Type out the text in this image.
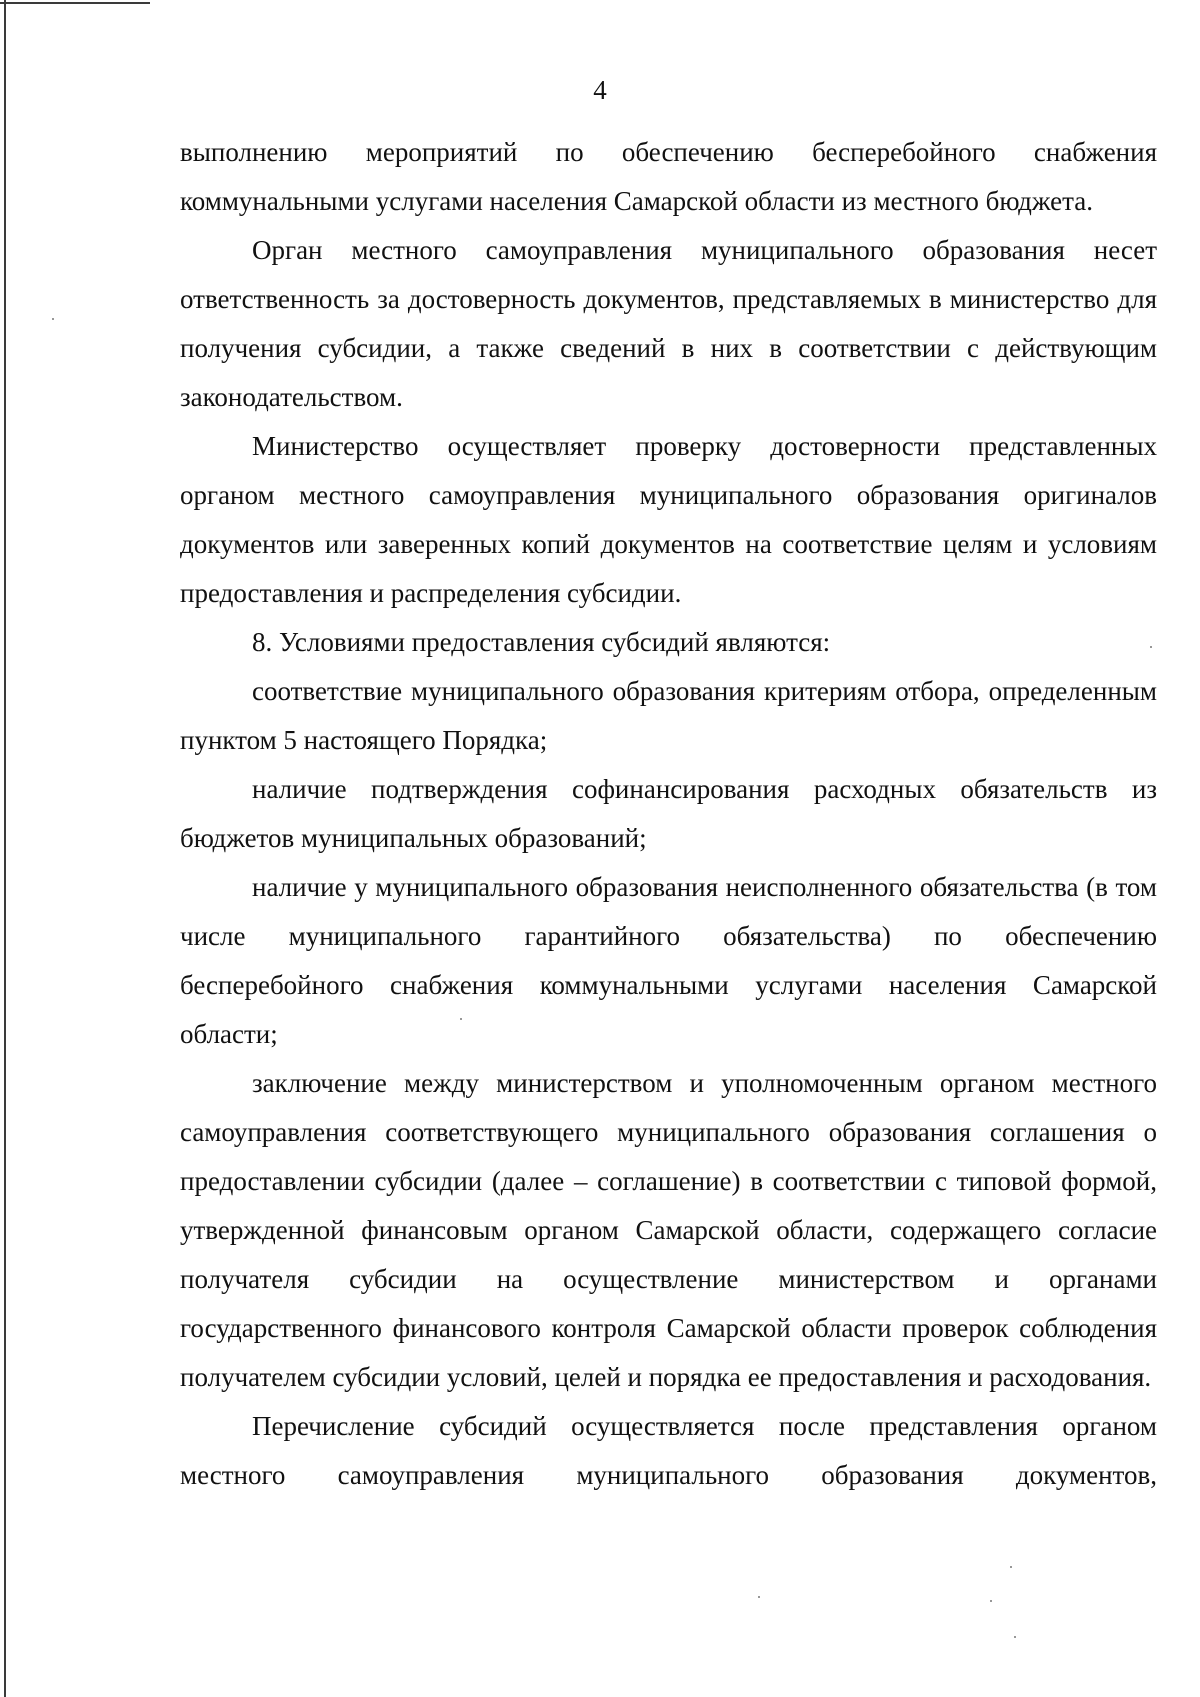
4

выполнению мероприятий по обеспечению бесперебойного снабжения коммунальными услугами населения Самарской области из местного бюджета.

Орган местного самоуправления муниципального образования несет ответственность за достоверность документов, представляемых в министерство для получения субсидии, а также сведений в них в соответствии с действующим законодательством.

Министерство осуществляет проверку достоверности представленных органом местного самоуправления муниципального образования оригиналов документов или заверенных копий документов на соответствие целям и условиям предоставления и распределения субсидии.

8. Условиями предоставления субсидий являются:

соответствие муниципального образования критериям отбора, определенным пунктом 5 настоящего Порядка;

наличие подтверждения софинансирования расходных обязательств из бюджетов муниципальных образований;

наличие у муниципального образования неисполненного обязательства (в том числе муниципального гарантийного обязательства) по обеспечению бесперебойного снабжения коммунальными услугами населения Самарской области;

заключение между министерством и уполномоченным органом местного самоуправления соответствующего муниципального образования соглашения о предоставлении субсидии (далее – соглашение) в соответствии с типовой формой, утвержденной финансовым органом Самарской области, содержащего согласие получателя субсидии на осуществление министерством и органами государственного финансового контроля Самарской области проверок соблюдения получателем субсидии условий, целей и порядка ее предоставления и расходования.

Перечисление субсидий осуществляется после представления органом местного самоуправления муниципального образования документов,
